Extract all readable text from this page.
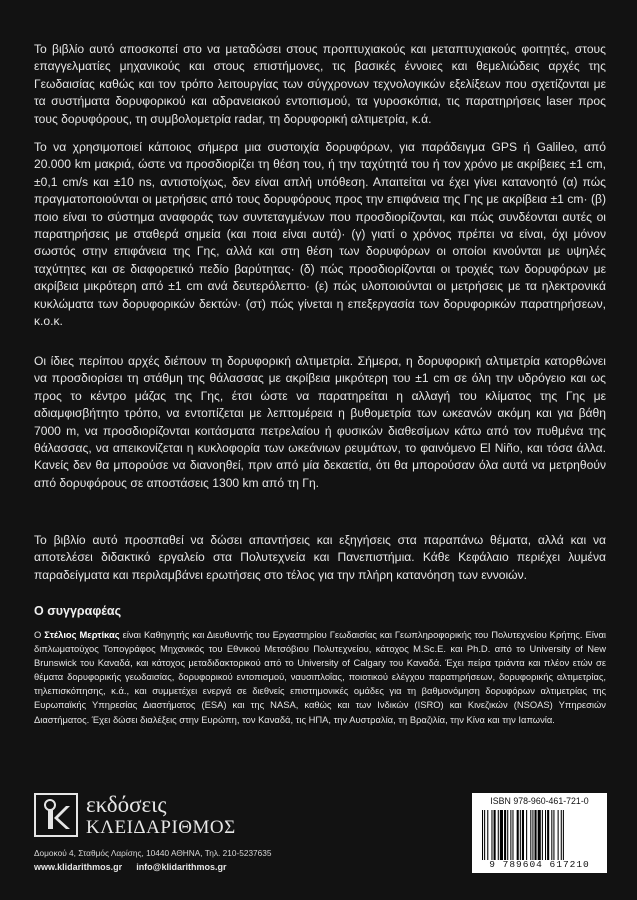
Το βιβλίο αυτό αποσκοπεί στο να μεταδώσει στους προπτυχιακούς και μεταπτυχιακούς φοιτητές, στους επαγγελματίες μηχανικούς και στους επιστήμονες, τις βασικές έννοιες και θεμελιώδεις αρχές της Γεωδαισίας καθώς και τον τρόπο λειτουργίας των σύγχρονων τεχνολογικών εξελίξεων που σχετίζονται με τα συστήματα δορυφορικού και αδρανειακού εντοπισμού, τα γυροσκόπια, τις παρατηρήσεις laser προς τους δορυφόρους, τη συμβολομετρία radar, τη δορυφορική αλτιμετρία, κ.ά.

Το να χρησιμοποιεί κάποιος σήμερα μια συστοιχία δορυφόρων, για παράδειγμα GPS ή Galileo, από 20.000 km μακριά, ώστε να προσδιορίζει τη θέση του, ή την ταχύτητά του ή τον χρόνο με ακρίβειες ±1 cm, ±0,1 cm/s και ±10 ns, αντιστοίχως, δεν είναι απλή υπόθεση. Απαιτείται να έχει γίνει κατανοητό (α) πώς πραγματοποιούνται οι μετρήσεις από τους δορυφόρους προς την επιφάνεια της Γης με ακρίβεια ±1 cm· (β) ποιο είναι το σύστημα αναφοράς των συντεταγμένων που προσδιορίζονται, και πώς συνδέονται αυτές οι παρατηρήσεις με σταθερά σημεία (και ποια είναι αυτά)· (γ) γιατί ο χρόνος πρέπει να είναι, όχι μόνον σωστός στην επιφάνεια της Γης, αλλά και στη θέση των δορυφόρων οι οποίοι κινούνται με υψηλές ταχύτητες και σε διαφορετικό πεδίο βαρύτητας· (δ) πώς προσδιορίζονται οι τροχιές των δορυφόρων με ακρίβεια μικρότερη από ±1 cm ανά δευτερόλεπτο· (ε) πώς υλοποιούνται οι μετρήσεις με τα ηλεκτρονικά κυκλώματα των δορυφορικών δεκτών· (στ) πώς γίνεται η επεξεργασία των δορυφορικών παρατηρήσεων, κ.ο.κ.

Οι ίδιες περίπου αρχές διέπουν τη δορυφορική αλτιμετρία. Σήμερα, η δορυφορική αλτιμετρία κατορθώνει να προσδιορίσει τη στάθμη της θάλασσας με ακρίβεια μικρότερη του ±1 cm σε όλη την υδρόγειο και ως προς το κέντρο μάζας της Γης, έτσι ώστε να παρατηρείται η αλλαγή του κλίματος της Γης με αδιαμφισβήτητο τρόπο, να εντοπίζεται με λεπτομέρεια η βυθομετρία των ωκεανών ακόμη και για βάθη 7000 m, να προσδιορίζονται κοιτάσματα πετρελαίου ή φυσικών διαθεσίμων κάτω από τον πυθμένα της θάλασσας, να απεικονίζεται η κυκλοφορία των ωκεάνιων ρευμάτων, το φαινόμενο El Niño, και τόσα άλλα. Κανείς δεν θα μπορούσε να διανοηθεί, πριν από μία δεκαετία, ότι θα μπορούσαν όλα αυτά να μετρηθούν από δορυφόρους σε αποστάσεις 1300 km από τη Γη.

Το βιβλίο αυτό προσπαθεί να δώσει απαντήσεις και εξηγήσεις στα παραπάνω θέματα, αλλά και να αποτελέσει διδακτικό εργαλείο στα Πολυτεχνεία και Πανεπιστήμια. Κάθε Κεφάλαιο περιέχει λυμένα παραδείγματα και περιλαμβάνει ερωτήσεις στο τέλος για την πλήρη κατανόηση των εννοιών.

Ο συγγραφέας

Ο Στέλιος Μερτίκας είναι Καθηγητής και Διευθυντής του Εργαστηρίου Γεωδαισίας και Γεωπληροφορικής του Πολυτεχνείου Κρήτης. Είναι διπλωματούχος Τοπογράφος Μηχανικός του Εθνικού Μετσόβιου Πολυτεχνείου, κάτοχος M.Sc.E. και Ph.D. από το University of New Brunswick του Καναδά, και κάτοχος μεταδιδακτορικού από το University of Calgary του Καναδά. Έχει πείρα τριάντα και πλέον ετών σε θέματα δορυφορικής γεωδαισίας, δορυφορικού εντοπισμού, ναυσιπλοΐας, ποιοτικού ελέγχου παρατηρήσεων, δορυφορικής αλτιμετρίας, τηλεπισκόπησης, κ.ά., και συμμετέχει ενεργά σε διεθνείς επιστημονικές ομάδες για τη βαθμονόμηση δορυφόρων αλτιμετρίας της Ευρωπαϊκής Υπηρεσίας Διαστήματος (ESA) και της NASA, καθώς και των Ινδικών (ISRO) και Κινεζικών (NSOAS) Υπηρεσιών Διαστήματος. Έχει δώσει διαλέξεις στην Ευρώπη, τον Καναδά, τις ΗΠΑ, την Αυστραλία, τη Βραζιλία, την Κίνα και την Ιαπωνία.

εκδόσεις
ΚΛΕΙΔΑΡΙΘΜΟΣ
Δομοκού 4, Σταθμός Λαρίσης, 10440 ΑΘΗΝΑ, Τηλ. 210-5237635
www.klidarithmos.gr info@klidarithmos.gr
ISBN 978-960-461-721-0
9 789604 617210
